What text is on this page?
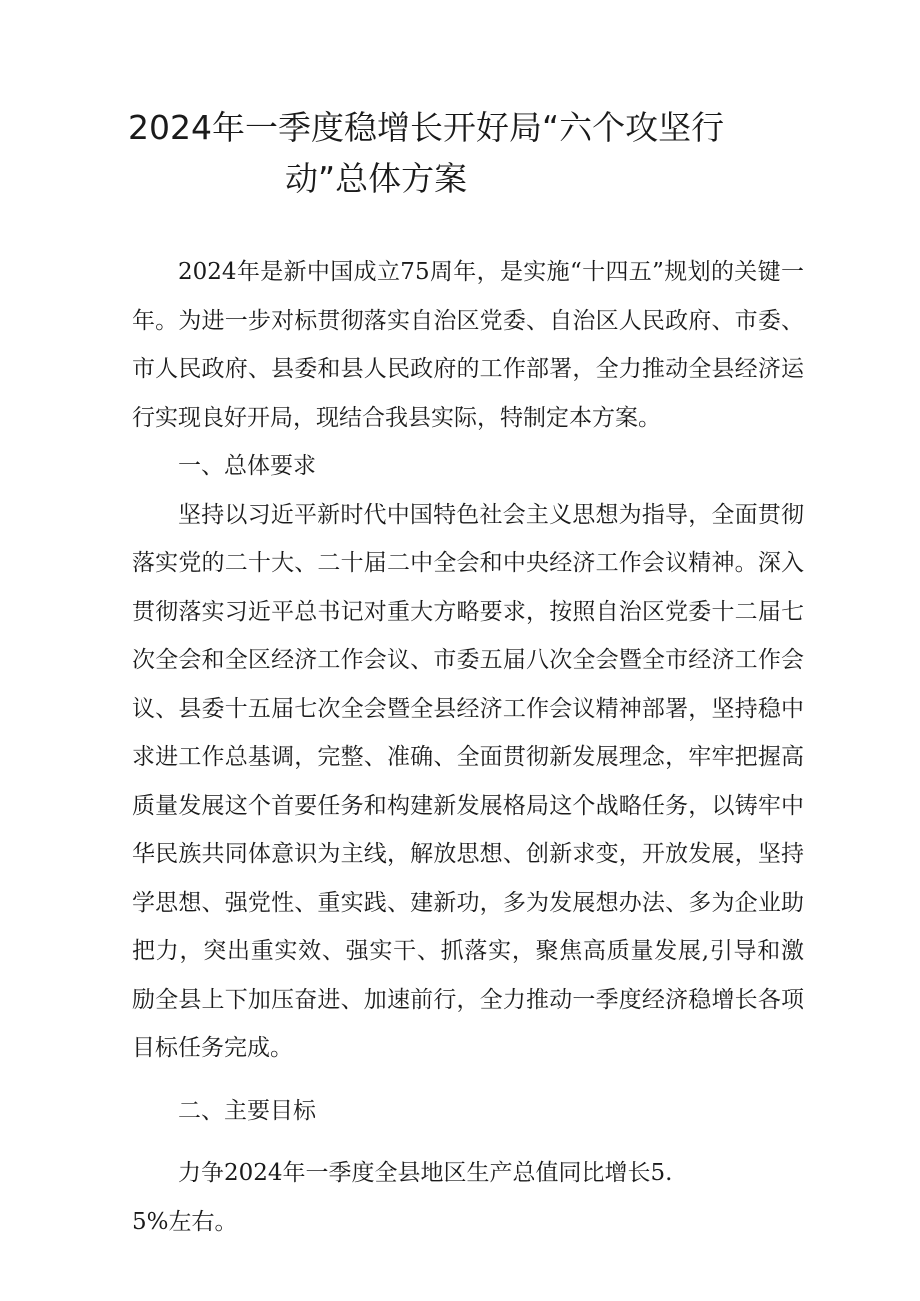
2024年一季度稳增长开好局“六个攻坚行
动”总体方案

2024年是新中国成立75周年，是实施“十四五”规划的关键一年。为进一步对标贯彻落实自治区党委、自治区人民政府、市委、市人民政府、县委和县人民政府的工作部署，全力推动全县经济运行实现良好开局，现结合我县实际，特制定本方案。

一、总体要求

坚持以习近平新时代中国特色社会主义思想为指导，全面贯彻落实党的二十大、二十届二中全会和中央经济工作会议精神。深入贯彻落实习近平总书记对重大方略要求，按照自治区党委十二届七次全会和全区经济工作会议、市委五届八次全会暨全市经济工作会议、县委十五届七次全会暨全县经济工作会议精神部署，坚持稳中求进工作总基调，完整、准确、全面贯彻新发展理念，牢牢把握高质量发展这个首要任务和构建新发展格局这个战略任务，以铸牢中华民族共同体意识为主线，解放思想、创新求变，开放发展，坚持学思想、强党性、重实践、建新功，多为发展想办法、多为企业助把力，突出重实效、强实干、抓落实，聚焦高质量发展,引导和激励全县上下加压奋进、加速前行，全力推动一季度经济稳增长各项目标任务完成。

二、主要目标

力争2024年一季度全县地区生产总值同比增长5.5%左右。
